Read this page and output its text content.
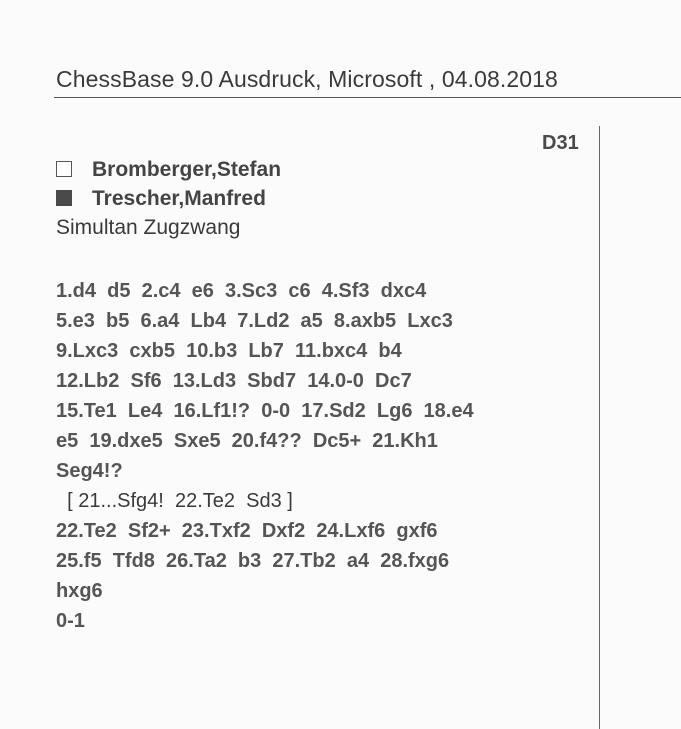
ChessBase 9.0 Ausdruck, Microsoft , 04.08.2018
D31
Bromberger,Stefan
Trescher,Manfred
Simultan Zugzwang
1.d4  d5  2.c4  e6  3.Sc3  c6  4.Sf3  dxc4
5.e3  b5  6.a4  Lb4  7.Ld2  a5  8.axb5  Lxc3
9.Lxc3  cxb5  10.b3  Lb7  11.bxc4  b4
12.Lb2  Sf6  13.Ld3  Sbd7  14.0-0  Dc7
15.Te1  Le4  16.Lf1!?  0-0  17.Sd2  Lg6  18.e4
e5  19.dxe5  Sxe5  20.f4??  Dc5+  21.Kh1
Seg4!?
[ 21...Sfg4!  22.Te2  Sd3 ]
22.Te2  Sf2+  23.Txf2  Dxf2  24.Lxf6  gxf6
25.f5  Tfd8  26.Ta2  b3  27.Tb2  a4  28.fxg6
hxg6
0-1
